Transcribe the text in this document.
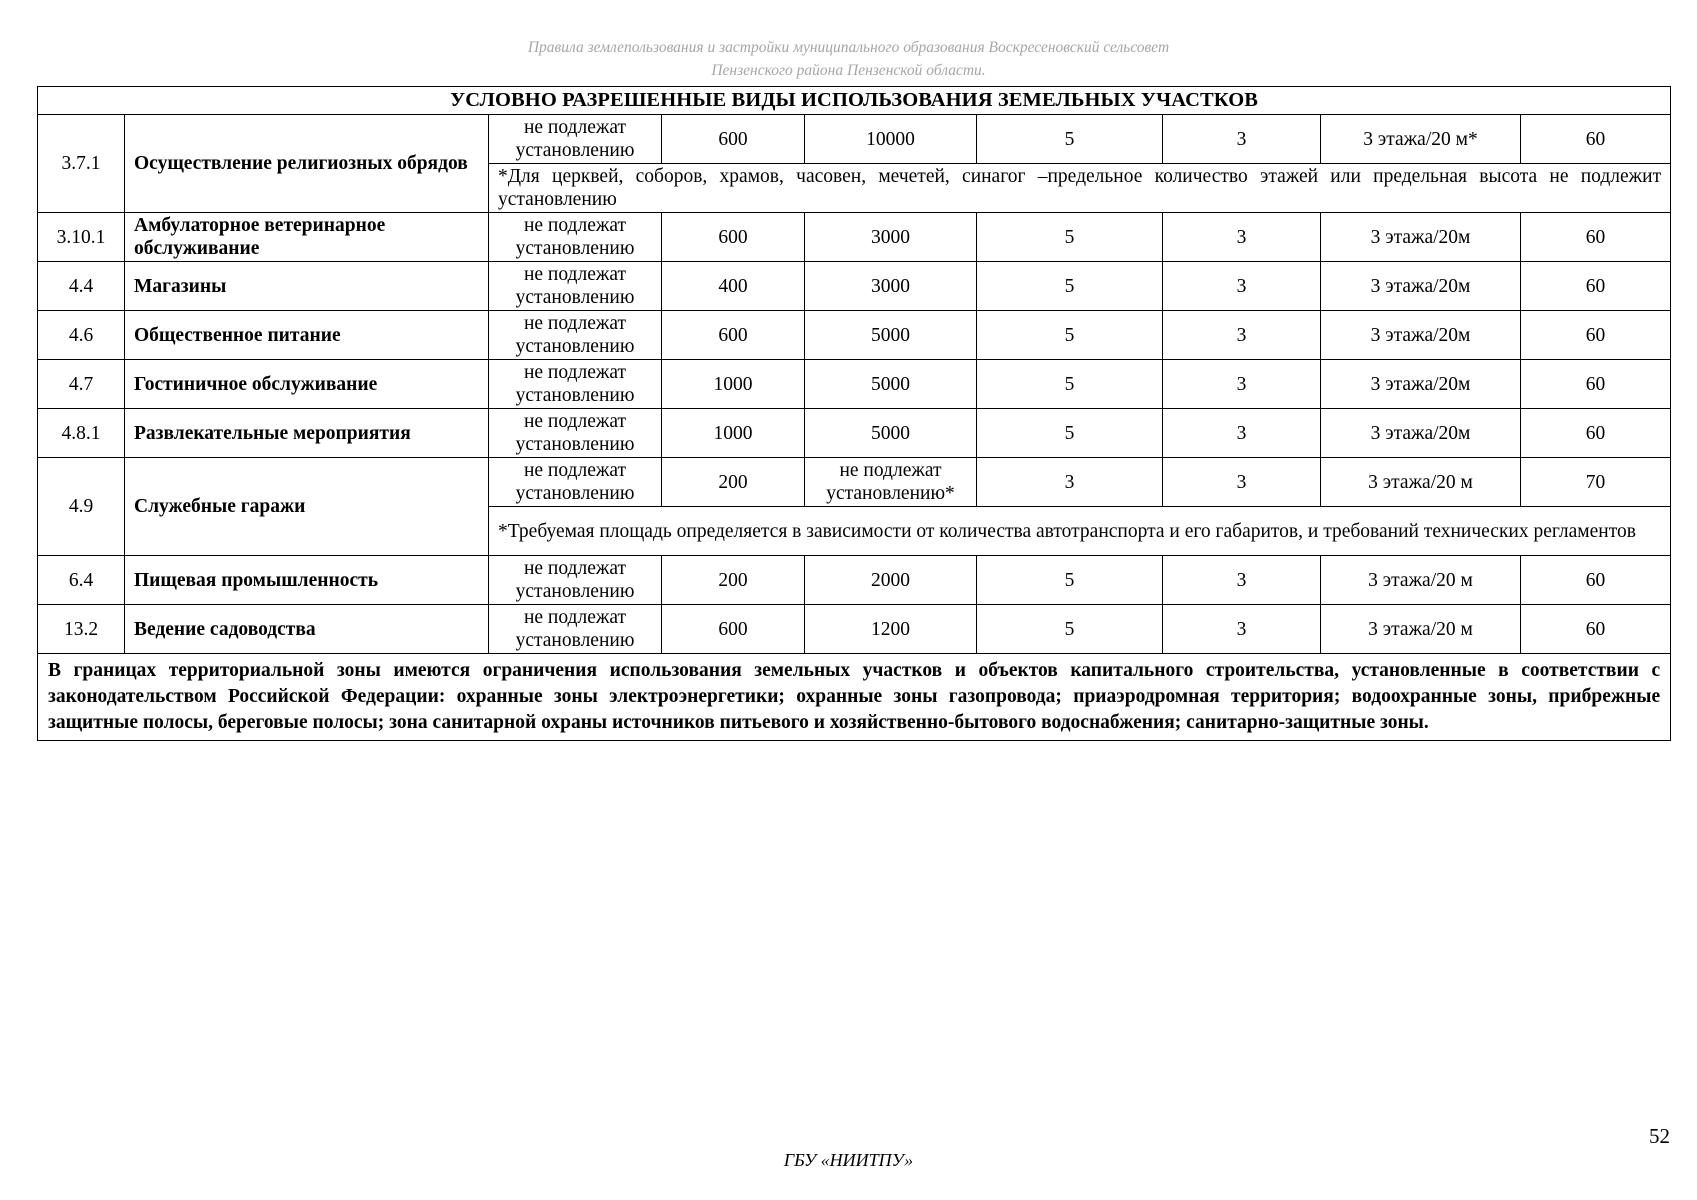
Правила землепользования и застройки муниципального образования Воскресеновский сельсовет
Пензенского района Пензенской области.
УСЛОВНО РАЗРЕШЕННЫЕ ВИДЫ ИСПОЛЬЗОВАНИЯ ЗЕМЕЛЬНЫХ УЧАСТКОВ								
3.7.1	Осуществление религиозных обрядов	не подлежат установлению	600	10000	5	3	3 этажа/20 м*	60
		*Для церквей, соборов, храмов, часовен, мечетей, синагог –предельное количество этажей или предельная высота не подлежит установлению						
3.10.1	Амбулаторное ветеринарное обслуживание	не подлежат установлению	600	3000	5	3	3 этажа/20м	60
4.4	Магазины	не подлежат установлению	400	3000	5	3	3 этажа/20м	60
4.6	Общественное питание	не подлежат установлению	600	5000	5	3	3 этажа/20м	60
4.7	Гостиничное обслуживание	не подлежат установлению	1000	5000	5	3	3 этажа/20м	60
4.8.1	Развлекательные мероприятия	не подлежат установлению	1000	5000	5	3	3 этажа/20м	60
4.9	Служебные гаражи	не подлежат установлению	200	не подлежат установлению*	3	3	3 этажа/20 м	70
		*Требуемая площадь определяется в зависимости от количества автотранспорта и его габаритов, и требований технических регламентов						
6.4	Пищевая промышленность	не подлежат установлению	200	2000	5	3	3 этажа/20 м	60
13.2	Ведение садоводства	не подлежат установлению	600	1200	5	3	3 этажа/20 м	60
В границах территориальной зоны имеются ограничения использования земельных участков и объектов капитального строительства, установленные в соответствии с законодательством Российской Федерации: охранные зоны электроэнергетики; охранные зоны газопровода; приаэродромная территория; водоохранные зоны, прибрежные защитные полосы, береговые полосы; зона санитарной охраны источников питьевого и хозяйственно-бытового водоснабжения; санитарно-защитные зоны.								
52
ГБУ «НИИТПУ»
